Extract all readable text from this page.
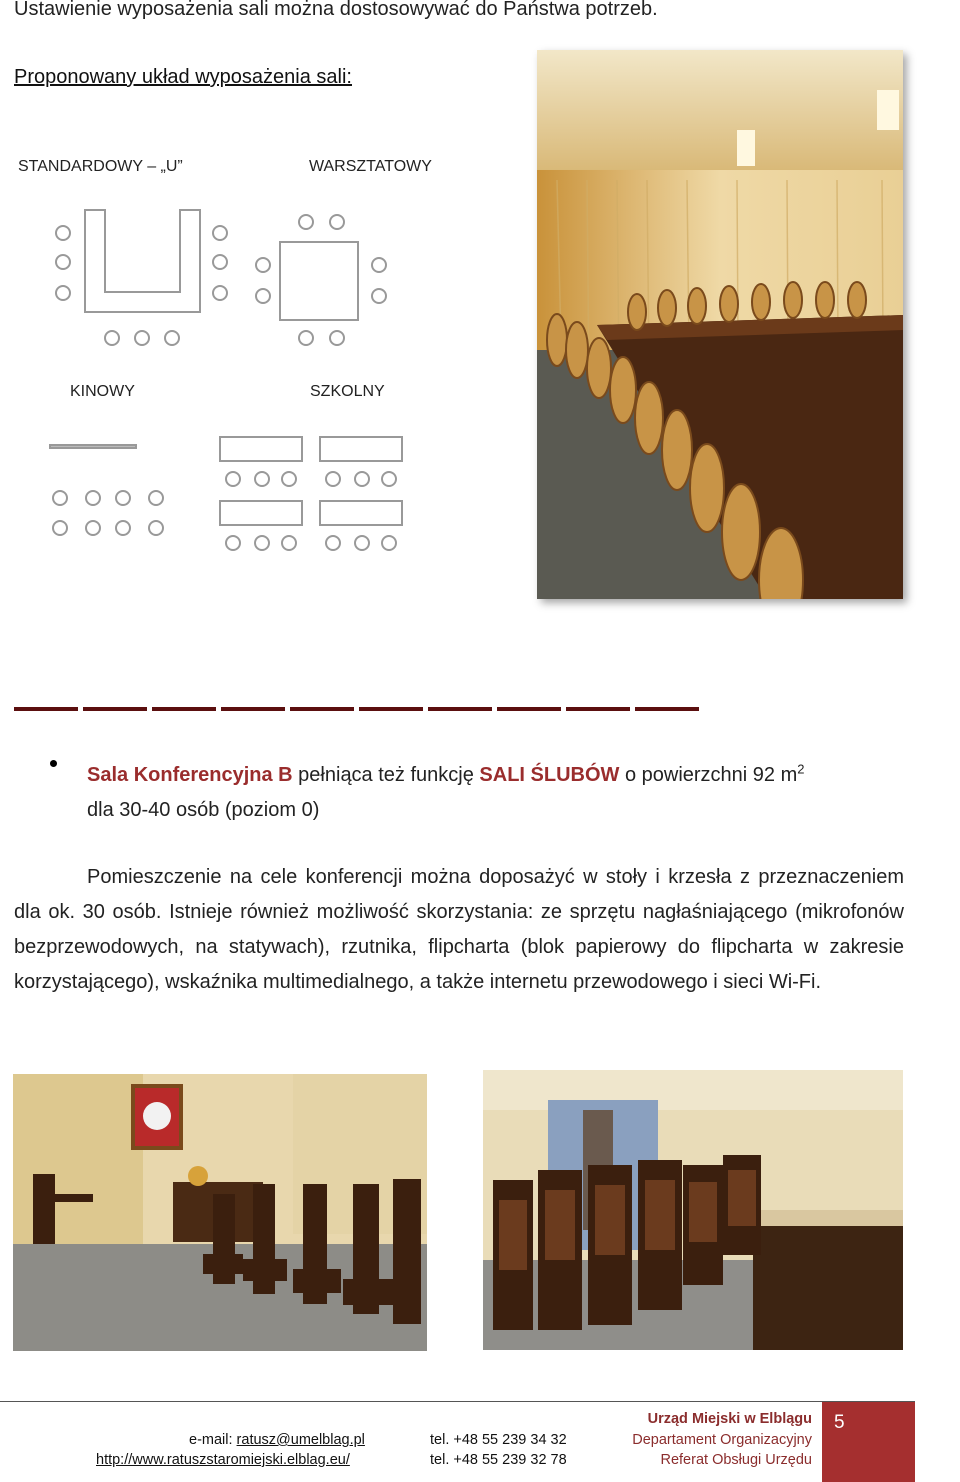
Ustawienie wyposażenia sali można dostosowywać do Państwa potrzeb.
Proponowany układ wyposażenia sali:
STANDARDOWY – „U”	WARSZTATOWY
KINOWY	SZKOLNY
Sala Konferencyjna B pełniąca też funkcję SALI ŚLUBÓW o powierzchni 92 $m^2$
dla 30-40 osób (poziom 0)
Pomieszczenie na cele konferencji można doposażyć w stoły i krzesła z przeznaczeniem dla ok. 30 osób. Istnieje również możliwość skorzystania: ze sprzętu nagłaśniającego (mikrofonów bezprzewodowych, na statywach), rzutnika, flipcharta (blok papierowy do flipcharta w zakresie korzystającego), wskaźnika multimedialnego, a także internetu przewodowego i sieci Wi-Fi.
e-mail: ratusz@umelblag.pl
http://www.ratuszstaromiejski.elblag.eu/
tel. +48 55 239 34 32
tel. +48 55 239 32 78
Urząd Miejski w Elblągu
Departament Organizacyjny
Referat Obsługi Urzędu
5
